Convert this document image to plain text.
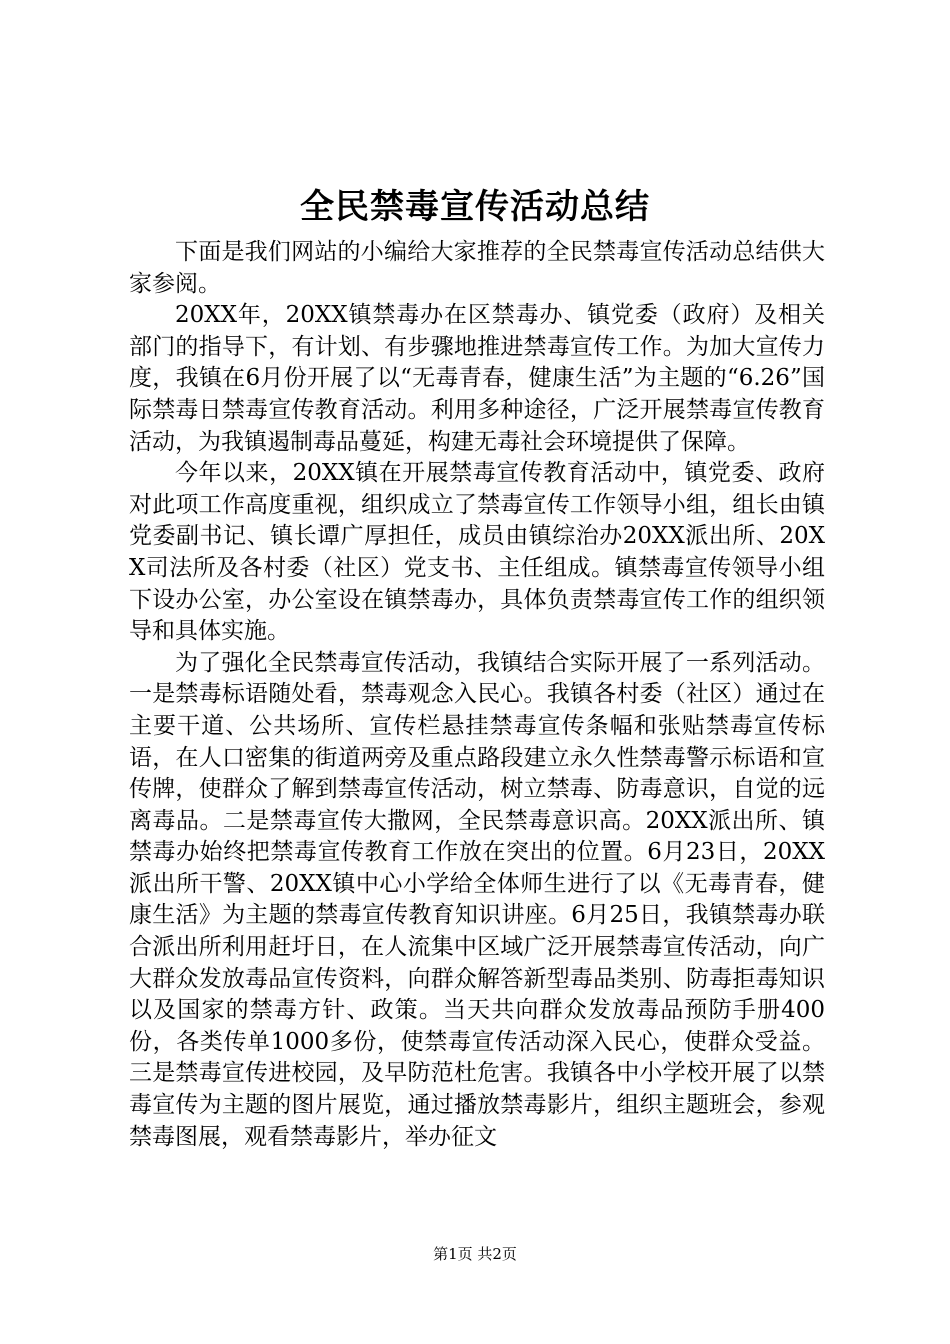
全民禁毒宣传活动总结

下面是我们网站的小编给大家推荐的全民禁毒宣传活动总结供大家参阅。

20XX年，20XX镇禁毒办在区禁毒办、镇党委（政府）及相关部门的指导下，有计划、有步骤地推进禁毒宣传工作。为加大宣传力度，我镇在6月份开展了以“无毒青春，健康生活”为主题的“6.26”国际禁毒日禁毒宣传教育活动。利用多种途径，广泛开展禁毒宣传教育活动，为我镇遏制毒品蔓延，构建无毒社会环境提供了保障。

今年以来，20XX镇在开展禁毒宣传教育活动中，镇党委、政府对此项工作高度重视，组织成立了禁毒宣传工作领导小组，组长由镇党委副书记、镇长谭广厚担任，成员由镇综治办20XX派出所、20XX司法所及各村委（社区）党支书、主任组成。镇禁毒宣传领导小组下设办公室，办公室设在镇禁毒办，具体负责禁毒宣传工作的组织领导和具体实施。

为了强化全民禁毒宣传活动，我镇结合实际开展了一系列活动。一是禁毒标语随处看，禁毒观念入民心。我镇各村委（社区）通过在主要干道、公共场所、宣传栏悬挂禁毒宣传条幅和张贴禁毒宣传标语，在人口密集的街道两旁及重点路段建立永久性禁毒警示标语和宣传牌，使群众了解到禁毒宣传活动，树立禁毒、防毒意识，自觉的远离毒品。二是禁毒宣传大撒网，全民禁毒意识高。20XX派出所、镇禁毒办始终把禁毒宣传教育工作放在突出的位置。6月23日，20XX派出所干警、20XX镇中心小学给全体师生进行了以《无毒青春，健康生活》为主题的禁毒宣传教育知识讲座。6月25日，我镇禁毒办联合派出所利用赶圩日，在人流集中区域广泛开展禁毒宣传活动，向广大群众发放毒品宣传资料，向群众解答新型毒品类别、防毒拒毒知识以及国家的禁毒方针、政策。当天共向群众发放毒品预防手册400份，各类传单1000多份，使禁毒宣传活动深入民心，使群众受益。三是禁毒宣传进校园，及早防范杜危害。我镇各中小学校开展了以禁毒宣传为主题的图片展览，通过播放禁毒影片，组织主题班会，参观禁毒图展，观看禁毒影片，举办征文

第1页 共2页
